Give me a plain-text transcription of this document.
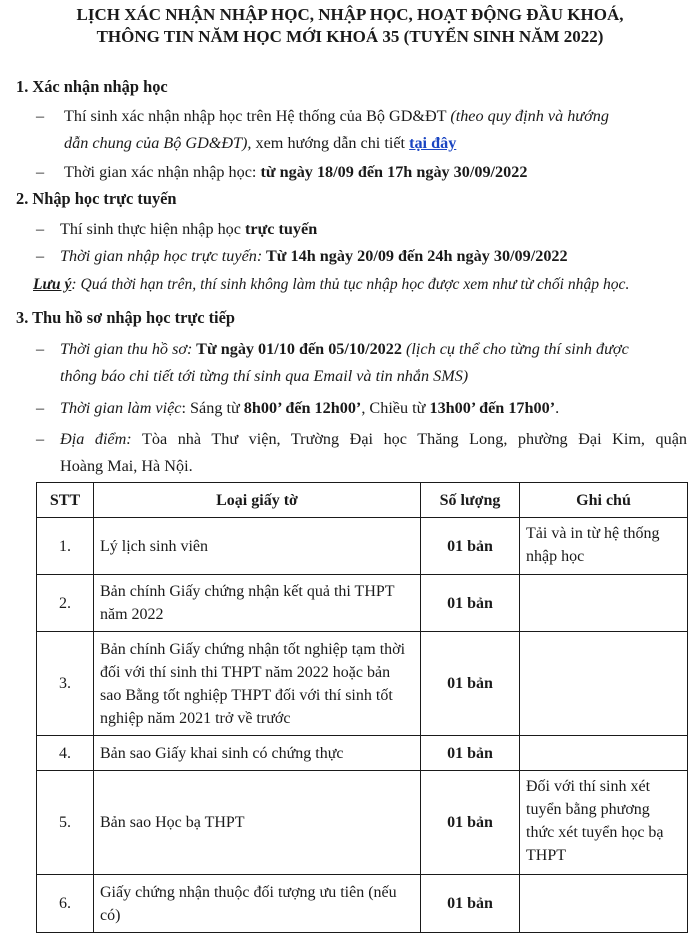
LỊCH XÁC NHẬN NHẬP HỌC, NHẬP HỌC, HOẠT ĐỘNG ĐẦU KHOÁ,
THÔNG TIN NĂM HỌC MỚI KHOÁ 35 (TUYỂN SINH NĂM 2022)
1. Xác nhận nhập học
– Thí sinh xác nhận nhập học trên Hệ thống của Bộ GD&ĐT (theo quy định và hướng
dẫn chung của Bộ GD&ĐT), xem hướng dẫn chi tiết tại đây
– Thời gian xác nhận nhập học: từ ngày 18/09 đến 17h ngày 30/09/2022
2. Nhập học trực tuyến
– Thí sinh thực hiện nhập học trực tuyến
– Thời gian nhập học trực tuyến: Từ 14h ngày 20/09 đến 24h ngày 30/09/2022
Lưu ý: Quá thời hạn trên, thí sinh không làm thủ tục nhập học được xem như từ chối nhập học.
3. Thu hồ sơ nhập học trực tiếp
– Thời gian thu hồ sơ: Từ ngày 01/10 đến 05/10/2022 (lịch cụ thể cho từng thí sinh được
thông báo chi tiết tới từng thí sinh qua Email và tin nhắn SMS)
– Thời gian làm việc: Sáng từ 8h00’ đến 12h00’, Chiều từ 13h00’ đến 17h00’.
– Địa điểm: Tòa nhà Thư viện, Trường Đại học Thăng Long, phường Đại Kim, quận
Hoàng Mai, Hà Nội.
STT	Loại giấy tờ	Số lượng	Ghi chú
1.	Lý lịch sinh viên	01 bản	Tải và in từ hệ thống nhập học
2.	Bản chính Giấy chứng nhận kết quả thi THPT năm 2022	01 bản	
3.	Bản chính Giấy chứng nhận tốt nghiệp tạm thời đối với thí sinh thi THPT năm 2022 hoặc bản sao Bằng tốt nghiệp THPT đối với thí sinh tốt nghiệp năm 2021 trở về trước	01 bản	
4.	Bản sao Giấy khai sinh có chứng thực	01 bản	
5.	Bản sao Học bạ THPT	01 bản	Đối với thí sinh xét tuyển bằng phương thức xét tuyển học bạ THPT
6.	Giấy chứng nhận thuộc đối tượng ưu tiên (nếu có)	01 bản	
